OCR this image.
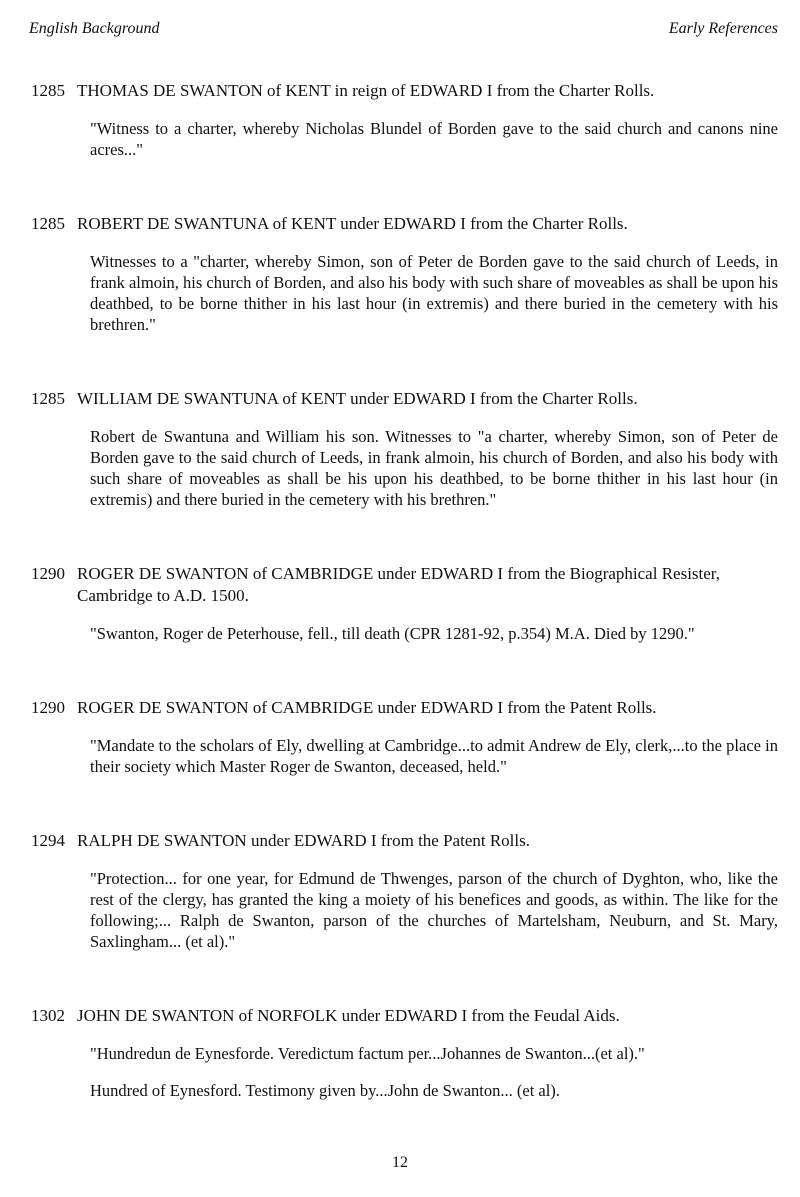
English Background	Early References
1285 THOMAS DE SWANTON of KENT in reign of EDWARD I from the Charter Rolls.
"Witness to a charter, whereby Nicholas Blundel of Borden gave to the said church and canons nine acres..."
1285 ROBERT DE SWANTUNA of KENT under EDWARD I from the Charter Rolls.
Witnesses to a "charter, whereby Simon, son of Peter de Borden gave to the said church of Leeds, in frank almoin, his church of Borden, and also his body with such share of moveables as shall be upon his deathbed, to be borne thither in his last hour (in extremis) and there buried in the cemetery with his brethren."
1285 WILLIAM DE SWANTUNA of KENT under EDWARD I from the Charter Rolls.
Robert de Swantuna and William his son. Witnesses to "a charter, whereby Simon, son of Peter de Borden gave to the said church of Leeds, in frank almoin, his church of Borden, and also his body with such share of moveables as shall be his upon his deathbed, to be borne thither in his last hour (in extremis) and there buried in the cemetery with his brethren."
1290 ROGER DE SWANTON of CAMBRIDGE under EDWARD I from the Biographical Resister, Cambridge to A.D. 1500.
"Swanton, Roger de Peterhouse, fell., till death (CPR 1281-92, p.354) M.A. Died by 1290."
1290 ROGER DE SWANTON of CAMBRIDGE under EDWARD I from the Patent Rolls.
"Mandate to the scholars of Ely, dwelling at Cambridge...to admit Andrew de Ely, clerk,...to the place in their society which Master Roger de Swanton, deceased, held."
1294 RALPH DE SWANTON under EDWARD I from the Patent Rolls.
"Protection... for one year, for Edmund de Thwenges, parson of the church of Dyghton, who, like the rest of the clergy, has granted the king a moiety of his benefices and goods, as within. The like for the following;... Ralph de Swanton, parson of the churches of Martelsham, Neuburn, and St. Mary, Saxlingham... (et al)."
1302 JOHN DE SWANTON of NORFOLK under EDWARD I from the Feudal Aids.
"Hundredun de Eynesforde. Veredictum factum per...Johannes de Swanton...(et al)."
Hundred of Eynesford. Testimony given by...John de Swanton... (et al).
12
